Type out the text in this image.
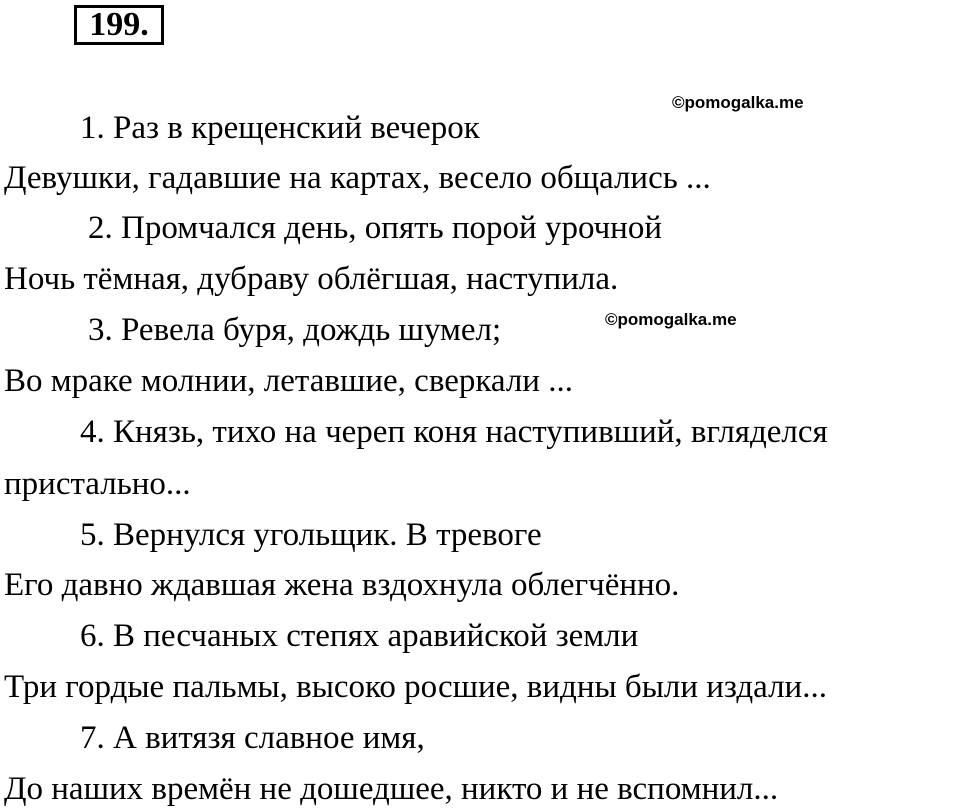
199.
©pomogalka.me
©pomogalka.me
1. Раз в крещенский вечерок
Девушки, гадавшие на картах, весело общались ...
2. Промчался день, опять порой урочной
Ночь тёмная, дубраву облёгшая, наступила.
3. Ревела буря, дождь шумел;
Во мраке молнии, летавшие, сверкали ...
4. Князь, тихо на череп коня наступивший, вгляделся
пристально...
5. Вернулся угольщик. В тревоге
Его давно ждавшая жена вздохнула облегчённо.
6. В песчаных степях аравийской земли
Три гордые пальмы, высоко росшие, видны были издали...
7. А витязя славное имя,
До наших времён не дошедшее, никто и не вспомнил...
